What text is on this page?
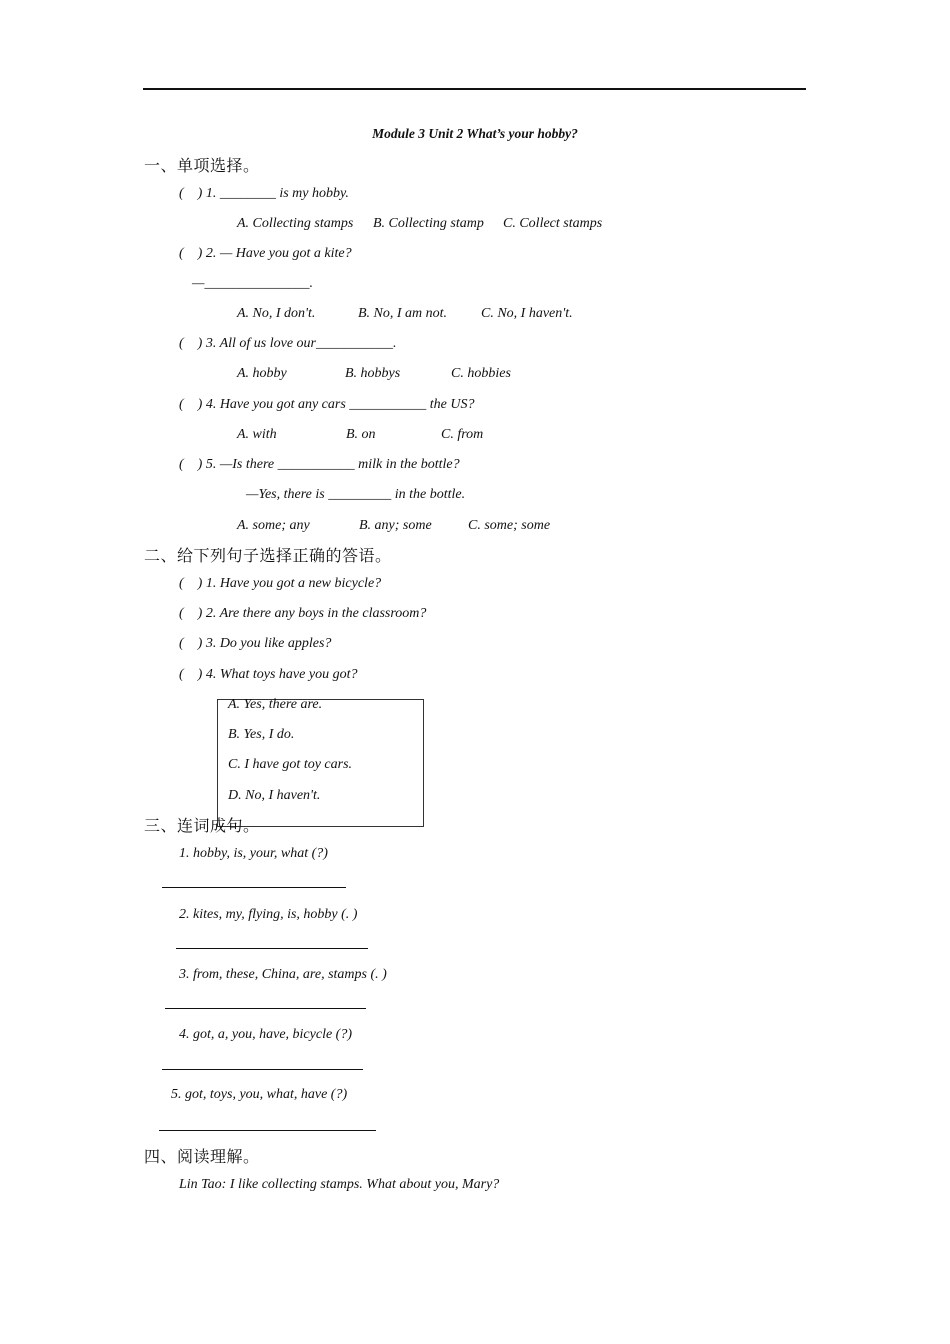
Module 3 Unit 2 What’s your hobby?
一、单项选择。
(    ) 1. ________ is my hobby.
A. Collecting stamps B. Collecting stamp C. Collect stamps
(    ) 2. — Have you got a kite?
—_______________.
A. No, I don't.	B. No, I am not. C. No, I haven't.
(    ) 3. All of us love our___________.
A. hobby	B. hobbys	C. hobbies
(    ) 4. Have you got any cars ___________ the US?
A. with	B. on	C. from
(    ) 5. —Is there ___________ milk in the bottle?
—Yes, there is _________ in the bottle.
A. some; any	B. any; some	C. some; some
二、给下列句子选择正确的答语。
(    ) 1. Have you got a new bicycle?
(    ) 2. Are there any boys in the classroom?
(    ) 3. Do you like apples?
(    ) 4. What toys have you got?
A. Yes, there are.
B. Yes, I do.
C. I have got toy cars.
D. No, I haven't.
三、连词成句。
1. hobby, is, your, what (?)
2. kites, my, flying, is, hobby (. )
3. from, these, China, are, stamps (. )
4. got, a, you, have, bicycle (?)
5. got, toys, you, what, have (?)
四、阅读理解。
Lin Tao: I like collecting stamps. What about you, Mary?
